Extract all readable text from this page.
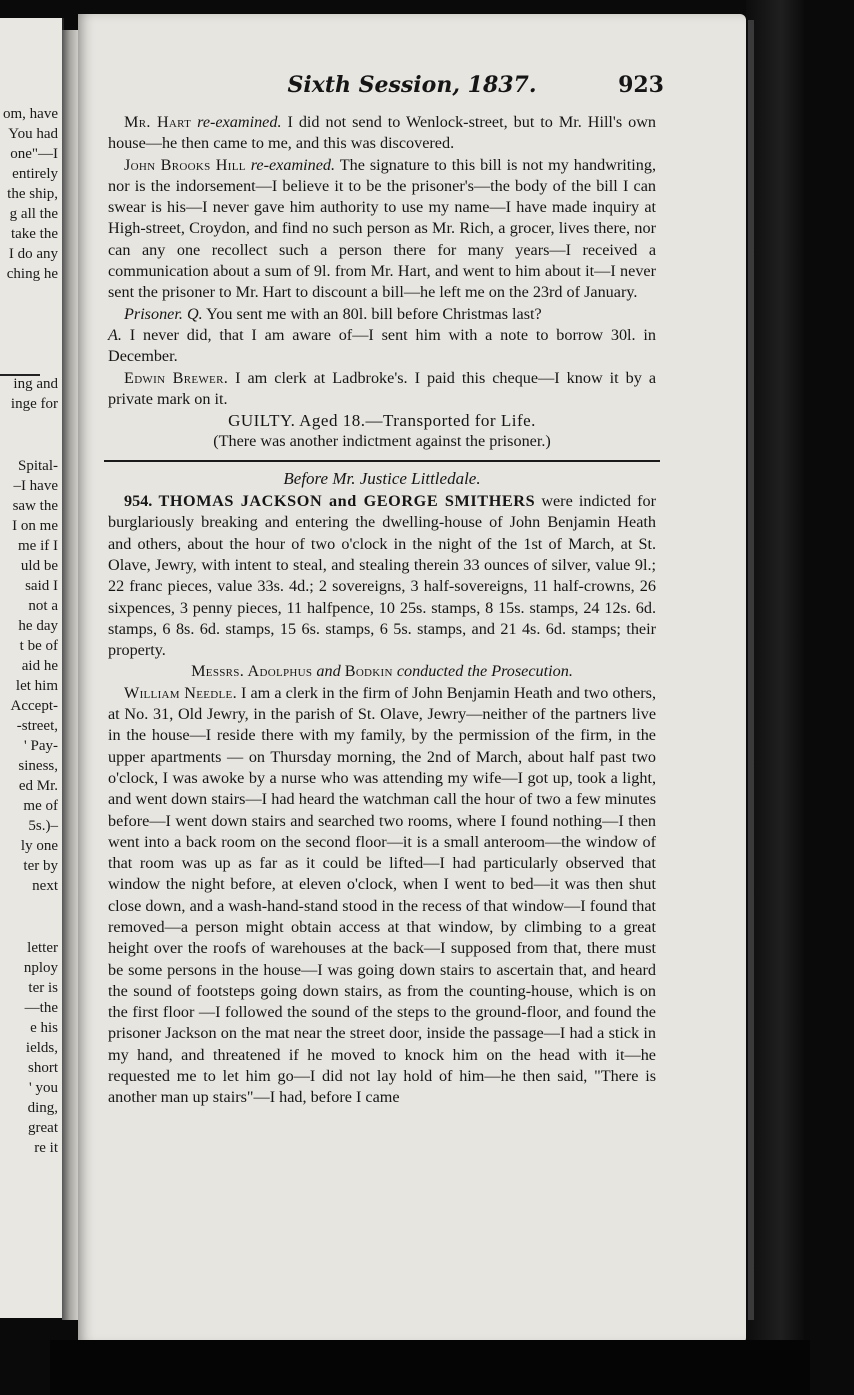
om, have
You had
one"—I
entirely
the ship,
g all the
take the
I do any
ching he
ing and
inge for
Spital-
–I have
saw the
I on me
me if I
uld be
said I
not a
he day
t be of
aid he
let him
Accept-
-street,
' Pay-
siness,
ed Mr.
me of
5s.)–
ly one
ter by
next
letter
nploy
ter is
—the
e his
ields,
short
' you
ding,
great
re it
Sixth Session, 1837.	923

Mr. Hart re-examined. I did not send to Wenlock-street, but to Mr. Hill's own house—he then came to me, and this was discovered.

John Brooks Hill re-examined. The signature to this bill is not my handwriting, nor is the indorsement—I believe it to be the prisoner's—the body of the bill I can swear is his—I never gave him authority to use my name—I have made inquiry at High-street, Croydon, and find no such person as Mr. Rich, a grocer, lives there, nor can any one recollect such a person there for many years—I received a communication about a sum of 9l. from Mr. Hart, and went to him about it—I never sent the prisoner to Mr. Hart to discount a bill—he left me on the 23rd of January.

Prisoner. Q. You sent me with an 80l. bill before Christmas last?

A. I never did, that I am aware of—I sent him with a note to borrow 30l. in December.

Edwin Brewer. I am clerk at Ladbroke's. I paid this cheque—I know it by a private mark on it.

GUILTY. Aged 18.—Transported for Life.

(There was another indictment against the prisoner.)

Before Mr. Justice Littledale.

954. THOMAS JACKSON and GEORGE SMITHERS were indicted for burglariously breaking and entering the dwelling-house of John Benjamin Heath and others, about the hour of two o'clock in the night of the 1st of March, at St. Olave, Jewry, with intent to steal, and stealing therein 33 ounces of silver, value 9l.; 22 franc pieces, value 33s. 4d.; 2 sovereigns, 3 half-sovereigns, 11 half-crowns, 26 sixpences, 3 penny pieces, 11 halfpence, 10 25s. stamps, 8 15s. stamps, 24 12s. 6d. stamps, 6 8s. 6d. stamps, 15 6s. stamps, 6 5s. stamps, and 21 4s. 6d. stamps; their property.

Messrs. Adolphus and Bodkin conducted the Prosecution.

William Needle. I am a clerk in the firm of John Benjamin Heath and two others, at No. 31, Old Jewry, in the parish of St. Olave, Jewry—neither of the partners live in the house—I reside there with my family, by the permission of the firm, in the upper apartments — on Thursday morning, the 2nd of March, about half past two o'clock, I was awoke by a nurse who was attending my wife—I got up, took a light, and went down stairs—I had heard the watchman call the hour of two a few minutes before—I went down stairs and searched two rooms, where I found nothing—I then went into a back room on the second floor—it is a small anteroom—the window of that room was up as far as it could be lifted—I had particularly observed that window the night before, at eleven o'clock, when I went to bed—it was then shut close down, and a wash-hand-stand stood in the recess of that window—I found that removed—a person might obtain access at that window, by climbing to a great height over the roofs of warehouses at the back—I supposed from that, there must be some persons in the house—I was going down stairs to ascertain that, and heard the sound of footsteps going down stairs, as from the counting-house, which is on the first floor —I followed the sound of the steps to the ground-floor, and found the prisoner Jackson on the mat near the street door, inside the passage—I had a stick in my hand, and threatened if he moved to knock him on the head with it—he requested me to let him go—I did not lay hold of him—he then said, "There is another man up stairs"—I had, before I came
